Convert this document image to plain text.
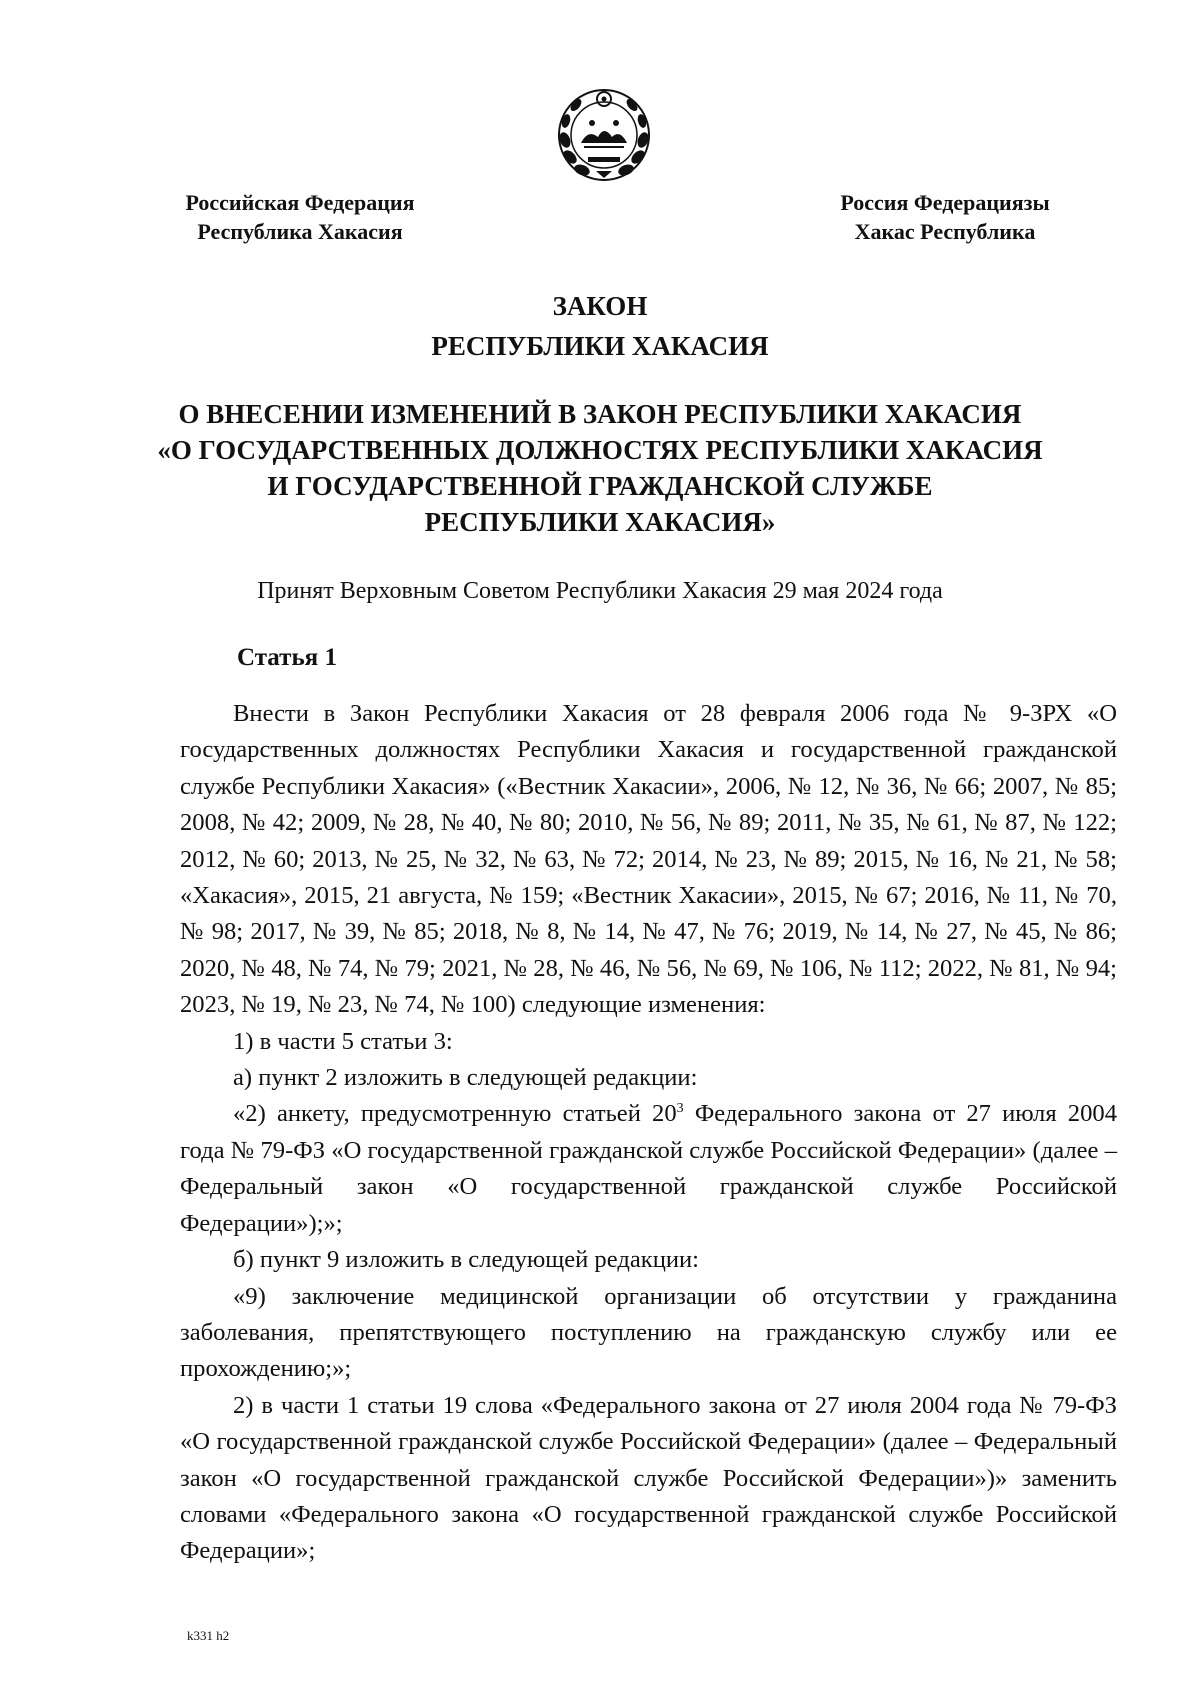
Российская Федерация
Республика Хакасия
Россия Федерациязы
Хакас Республика
ЗАКОН
РЕСПУБЛИКИ ХАКАСИЯ
О ВНЕСЕНИИ ИЗМЕНЕНИЙ В ЗАКОН РЕСПУБЛИКИ ХАКАСИЯ
«О ГОСУДАРСТВЕННЫХ ДОЛЖНОСТЯХ РЕСПУБЛИКИ ХАКАСИЯ
И ГОСУДАРСТВЕННОЙ ГРАЖДАНСКОЙ СЛУЖБЕ
РЕСПУБЛИКИ ХАКАСИЯ»
Принят Верховным Советом Республики Хакасия 29 мая 2024 года
Статья 1

Внести в Закон Республики Хакасия от 28 февраля 2006 года № 9-ЗРХ «О государственных должностях Республики Хакасия и государственной гражданской службе Республики Хакасия» («Вестник Хакасии», 2006, № 12, № 36, № 66; 2007, № 85; 2008, № 42; 2009, № 28, № 40, № 80; 2010, № 56, № 89; 2011, № 35, № 61, № 87, № 122; 2012, № 60; 2013, № 25, № 32, № 63, № 72; 2014, № 23, № 89; 2015, № 16, № 21, № 58; «Хакасия», 2015, 21 августа, № 159; «Вестник Хакасии», 2015, № 67; 2016, № 11, № 70, № 98; 2017, № 39, № 85; 2018, № 8, № 14, № 47, № 76; 2019, № 14, № 27, № 45, № 86; 2020, № 48, № 74, № 79; 2021, № 28, № 46, № 56, № 69, № 106, № 112; 2022, № 81, № 94; 2023, № 19, № 23, № 74, № 100) следующие изменения:

1) в части 5 статьи 3:

а) пункт 2 изложить в следующей редакции:

«2) анкету, предусмотренную статьей $20^3$ Федерального закона от 27 июля 2004 года № 79-ФЗ «О государственной гражданской службе Российской Федерации» (далее – Федеральный закон «О государственной гражданской службе Российской Федерации»);»;

б) пункт 9 изложить в следующей редакции:

«9) заключение медицинской организации об отсутствии у гражданина заболевания, препятствующего поступлению на гражданскую службу или ее прохождению;»;

2) в части 1 статьи 19 слова «Федерального закона от 27 июля 2004 года № 79-ФЗ «О государственной гражданской службе Российской Федерации» (далее – Федеральный закон «О государственной гражданской службе Российской Федерации»)» заменить словами «Федерального закона «О государственной гражданской службе Российской Федерации»;

k331 h2
